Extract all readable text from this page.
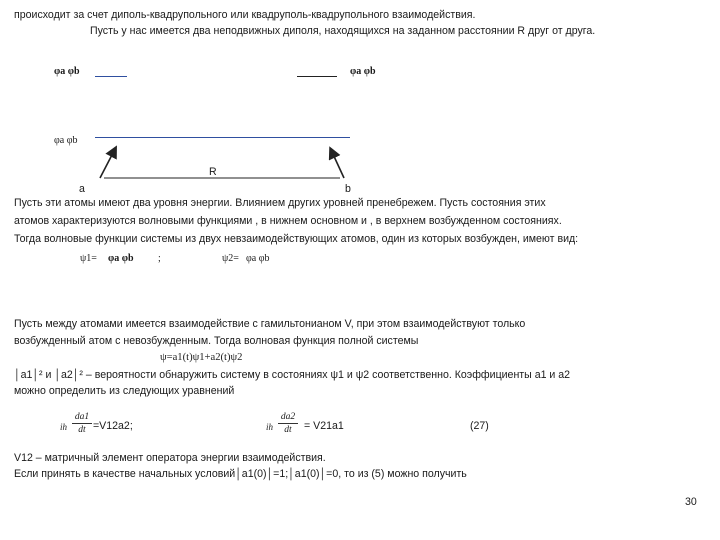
происходит за счет диполь-квадрупольного или квадруполь-квадрупольного взаимодействия.
Пусть у нас имеется два неподвижных диполя, находящихся на заданном расстоянии R друг от друга.
φa φb	φa φb
φa φb
R
a	b
Пусть эти атомы имеют два уровня энергии. Влиянием других уровней пренебрежем. Пусть состояния этих
атомов характеризуются волновыми функциями , в нижнем основном и , в верхнем возбужденном состояниях.
Тогда волновые функции системы из двух невзаимодействующих атомов, один из которых возбужден, имеют вид:
ψ1= φa φb ;	ψ2= φa φb
Пусть между атомами имеется взаимодействие с гамильтонианом V, при этом взаимодействуют только
возбужденный атом с невозбужденным. Тогда волновая функция полной системы
ψ=a1(t)ψ1+a2(t)ψ2
│a1│² и │a2│² – вероятности обнаружить систему в состояниях ψ1 и ψ2 соответственно. Коэффициенты a1 и a2
можно определить из следующих уравнений
ih
da1
dt =V12a2;	ih
da2
dt	= V21a1	(27)
V12 – матричный элемент оператора энергии взаимодействия.
Если принять в качестве начальных условий│a1(0)│=1;│a1(0)│=0, то из (5) можно получить
30
